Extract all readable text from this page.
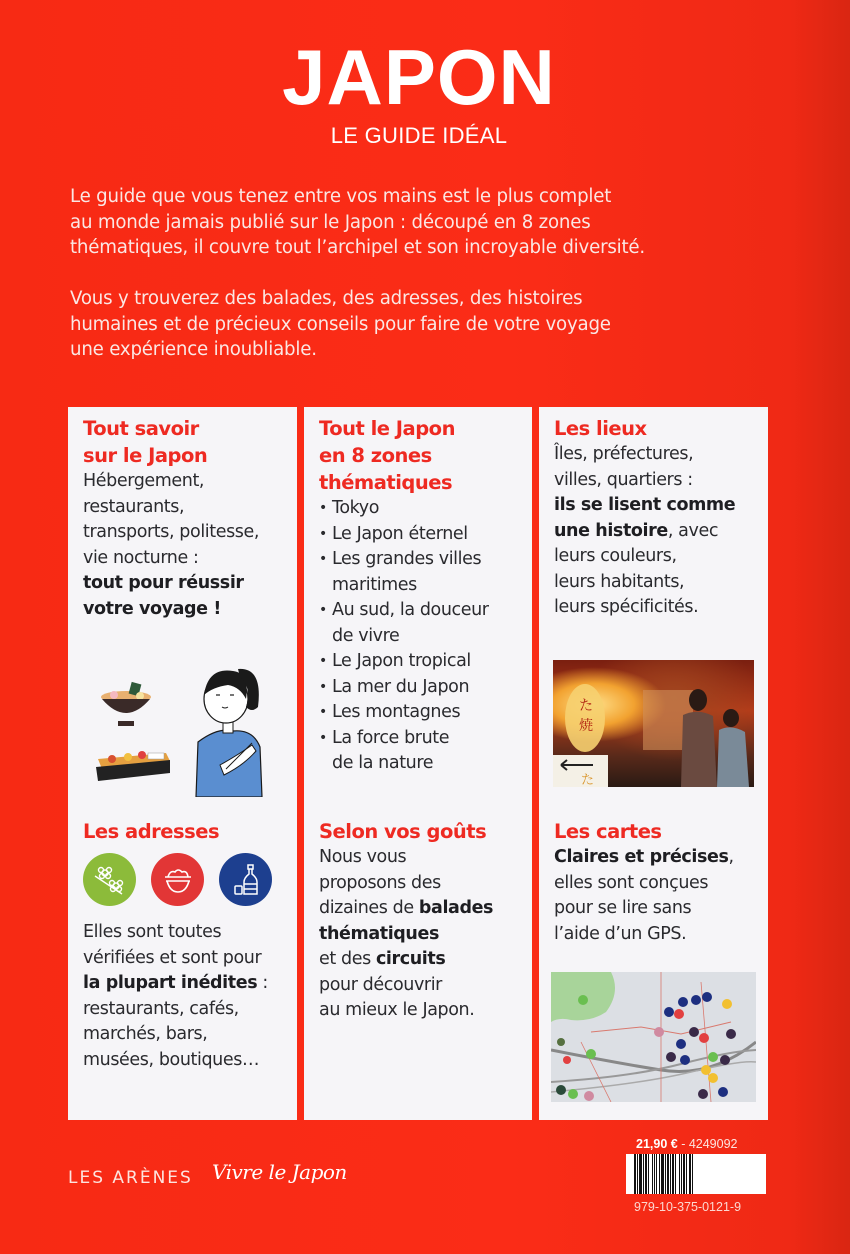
JAPON
LE GUIDE IDÉAL

Le guide que vous tenez entre vos mains est le plus complet

au monde jamais publié sur le Japon : découpé en 8 zones

thématiques, il couvre tout l’archipel et son incroyable diversité.

Vous y trouverez des balades, des adresses, des histoires

humaines et de précieux conseils pour faire de votre voyage

une expérience inoubliable.

Tout savoir
sur le Japon
Hébergement,
restaurants,
transports, politesse,
vie nocturne :
tout pour réussir
votre voyage !
Les adresses
Elles sont toutes
vérifiées et sont pour
la plupart inédites :
restaurants, cafés,
marchés, bars,
musées, boutiques…
Tout le Japon
en 8 zones
thématiques
• Tokyo
• Le Japon éternel
• Les grandes villes
maritimes
• Au sud, la douceur
de vivre
• Le Japon tropical
• La mer du Japon
• Les montagnes
• La force brute
de la nature
Selon vos goûts
Nous vous
proposons des
dizaines de balades
thématiques
et des circuits
pour découvrir
au mieux le Japon.
Les lieux
Îles, préfectures,
villes, quartiers :
ils se lisent comme
une histoire, avec
leurs couleurs,
leurs habitants,
leurs spécificités.
た
焼
た
Les cartes
Claires et précises,
elles sont conçues
pour se lire sans
l’aide d’un GPS.
LES ARÈNES Vivre le Japon
21,90 € - 4249092
979-10-375-0121-9
